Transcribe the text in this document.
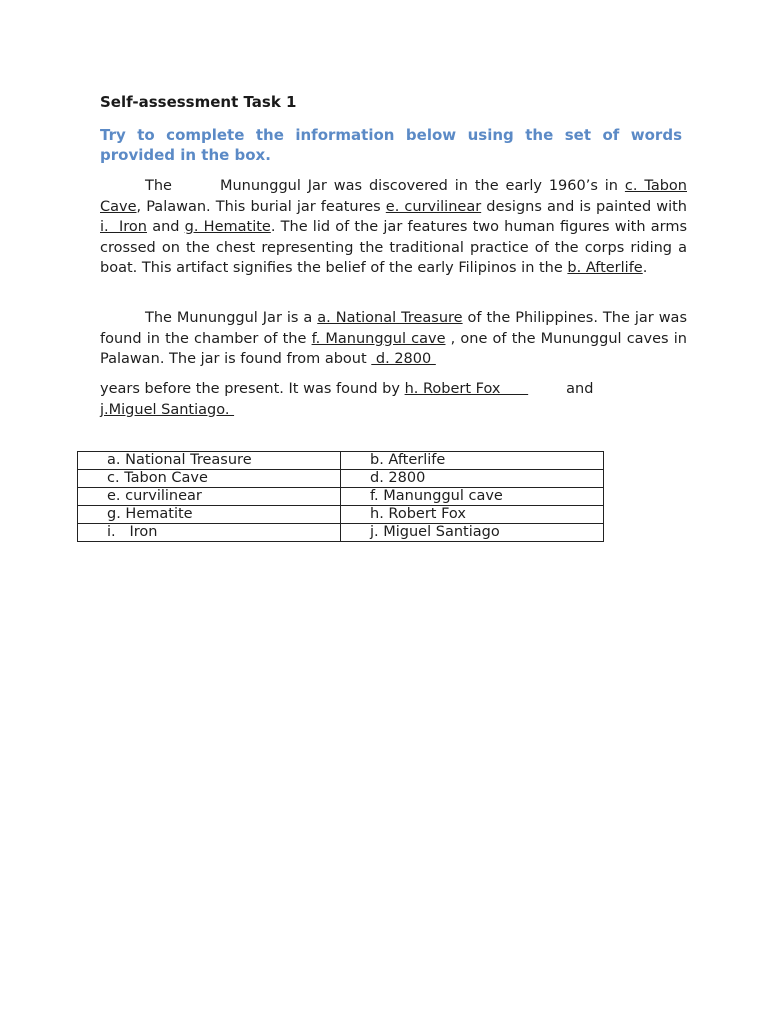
Self-assessment Task 1
Try to complete the information below using the set of words provided in the box.
The	Mununggul Jar was discovered in the early 1960’s in c. Tabon Cave, Palawan. This burial jar features e. curvilinear designs and is painted with i.  Iron and g. Hematite. The lid of the jar features two human figures with arms crossed on the chest representing the traditional practice of the corps riding a boat. This artifact signifies the belief of the early Filipinos in the b. Afterlife.
The Mununggul Jar is a a. National Treasure of the Philippines. The jar was found in the chamber of the f. Manunggul cave , one of the Mununggul caves in Palawan. The jar is found from about  d. 2800
years before the present. It was found by h. Robert Fox	and
j.Miguel Santiago.
a. National Treasure	b. Afterlife
c. Tabon Cave	d. 2800
e. curvilinear	f. Manunggul cave
g. Hematite	h. Robert Fox
i.   Iron	j. Miguel Santiago
